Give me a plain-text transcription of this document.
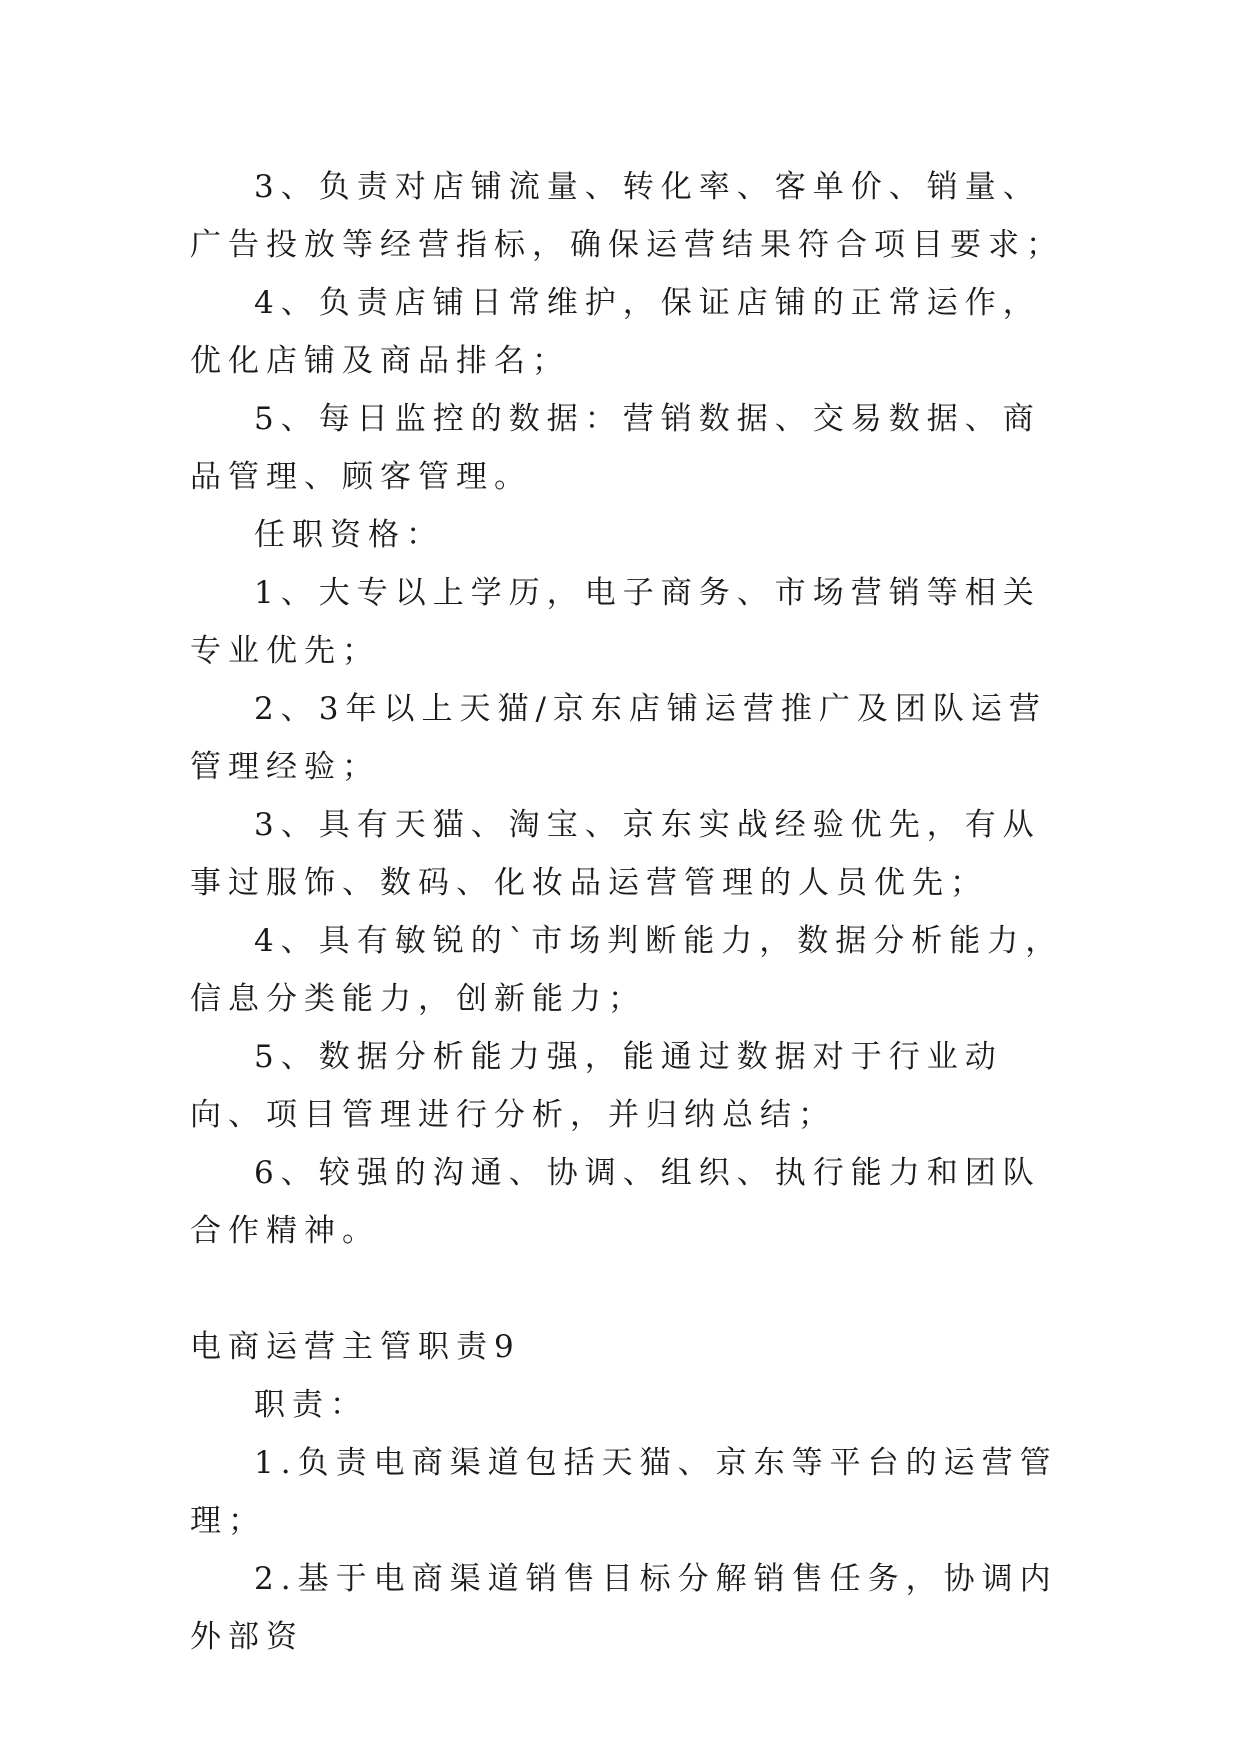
3、负责对店铺流量、转化率、客单价、销量、广告投放等经营指标，确保运营结果符合项目要求；

4、负责店铺日常维护，保证店铺的正常运作，优化店铺及商品排名；

5、每日监控的数据：营销数据、交易数据、商品管理、顾客管理。

任职资格：

1、大专以上学历，电子商务、市场营销等相关专业优先；

2、3年以上天猫/京东店铺运营推广及团队运营管理经验；

3、具有天猫、淘宝、京东实战经验优先，有从事过服饰、数码、化妆品运营管理的人员优先；

4、具有敏锐的`市场判断能力，数据分析能力，信息分类能力，创新能力；

5、数据分析能力强，能通过数据对于行业动向、项目管理进行分析，并归纳总结；

6、较强的沟通、协调、组织、执行能力和团队合作精神。

电商运营主管职责9

职责：

1.负责电商渠道包括天猫、京东等平台的运营管理；

2.基于电商渠道销售目标分解销售任务，协调内外部资
